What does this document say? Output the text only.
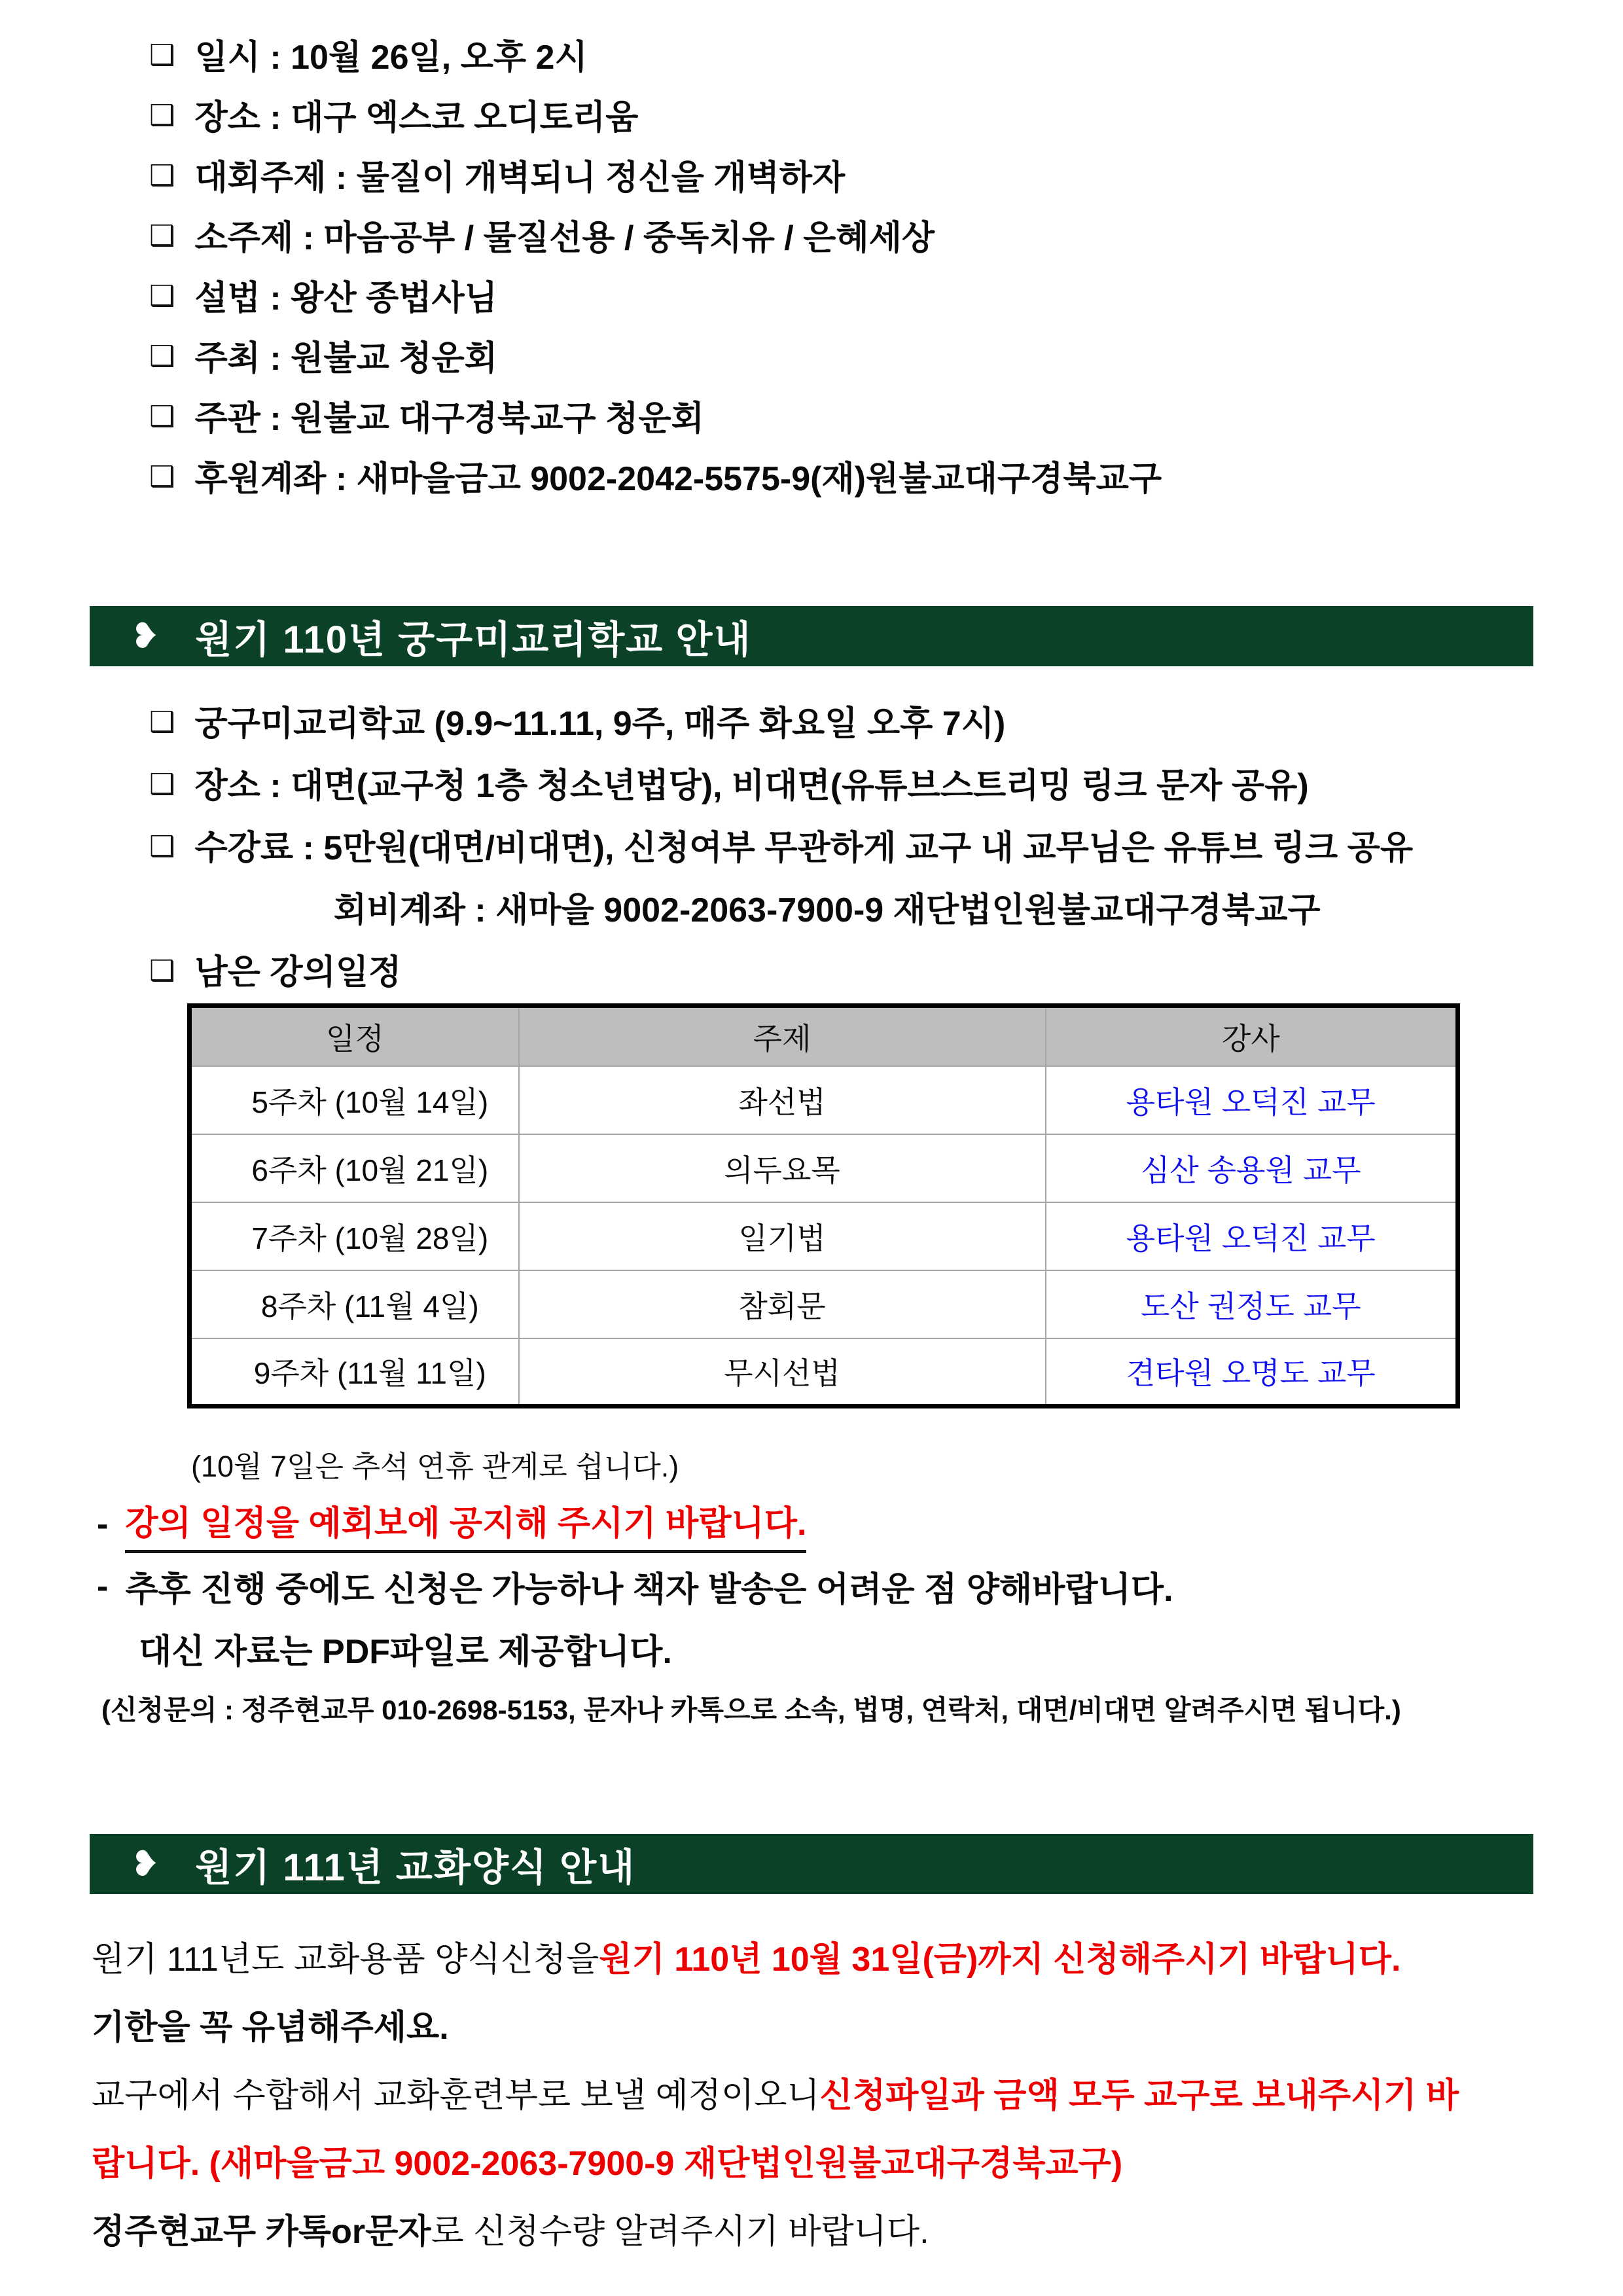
❑ 일시 : 10월 26일, 오후 2시
❑ 장소 : 대구 엑스코 오디토리움
❑ 대회주제 : 물질이 개벽되니 정신을 개벽하자
❑ 소주제 : 마음공부 / 물질선용 / 중독치유 / 은혜세상
❑ 설법 : 왕산 종법사님
❑ 주최 : 원불교 청운회
❑ 주관 : 원불교 대구경북교구 청운회
❑ 후원계좌 : 새마을금고 9002-2042-5575-9(재)원불교대구경북교구
❥ 원기 110년 궁구미교리학교 안내
❑ 궁구미교리학교 (9.9~11.11, 9주, 매주 화요일 오후 7시)
❑ 장소 : 대면(교구청 1층 청소년법당), 비대면(유튜브스트리밍 링크 문자 공유)
❑ 수강료 : 5만원(대면/비대면), 신청여부 무관하게 교구 내 교무님은 유튜브 링크 공유
회비계좌 : 새마을 9002-2063-7900-9 재단법인원불교대구경북교구
❑ 남은 강의일정
일정	주제	강사
5주차 (10월 14일)	좌선법	용타원 오덕진 교무
6주차 (10월 21일)	의두요목	심산 송용원 교무
7주차 (10월 28일)	일기법	용타원 오덕진 교무
8주차 (11월 4일)	참회문	도산 권정도 교무
9주차 (11월 11일)	무시선법	견타원 오명도 교무
(10월 7일은 추석 연휴 관계로 쉽니다.)
- 강의 일정을 예회보에 공지해 주시기 바랍니다.
- 추후 진행 중에도 신청은 가능하나 책자 발송은 어려운 점 양해바랍니다.
대신 자료는 PDF파일로 제공합니다.
(신청문의 : 정주현교무 010-2698-5153, 문자나 카톡으로 소속, 법명, 연락처, 대면/비대면 알려주시면 됩니다.)
❥ 원기 111년 교화양식 안내
원기 111년도 교화용품 양식신청을 원기 110년 10월 31일(금)까지 신청해주시기 바랍니다.
기한을 꼭 유념해주세요.
교구에서 수합해서 교화훈련부로 보낼 예정이오니 신청파일과 금액 모두 교구로 보내주시기 바
랍니다. (새마을금고 9002-2063-7900-9 재단법인원불교대구경북교구)
정주현교무 카톡or문자 로 신청수량 알려주시기 바랍니다.
